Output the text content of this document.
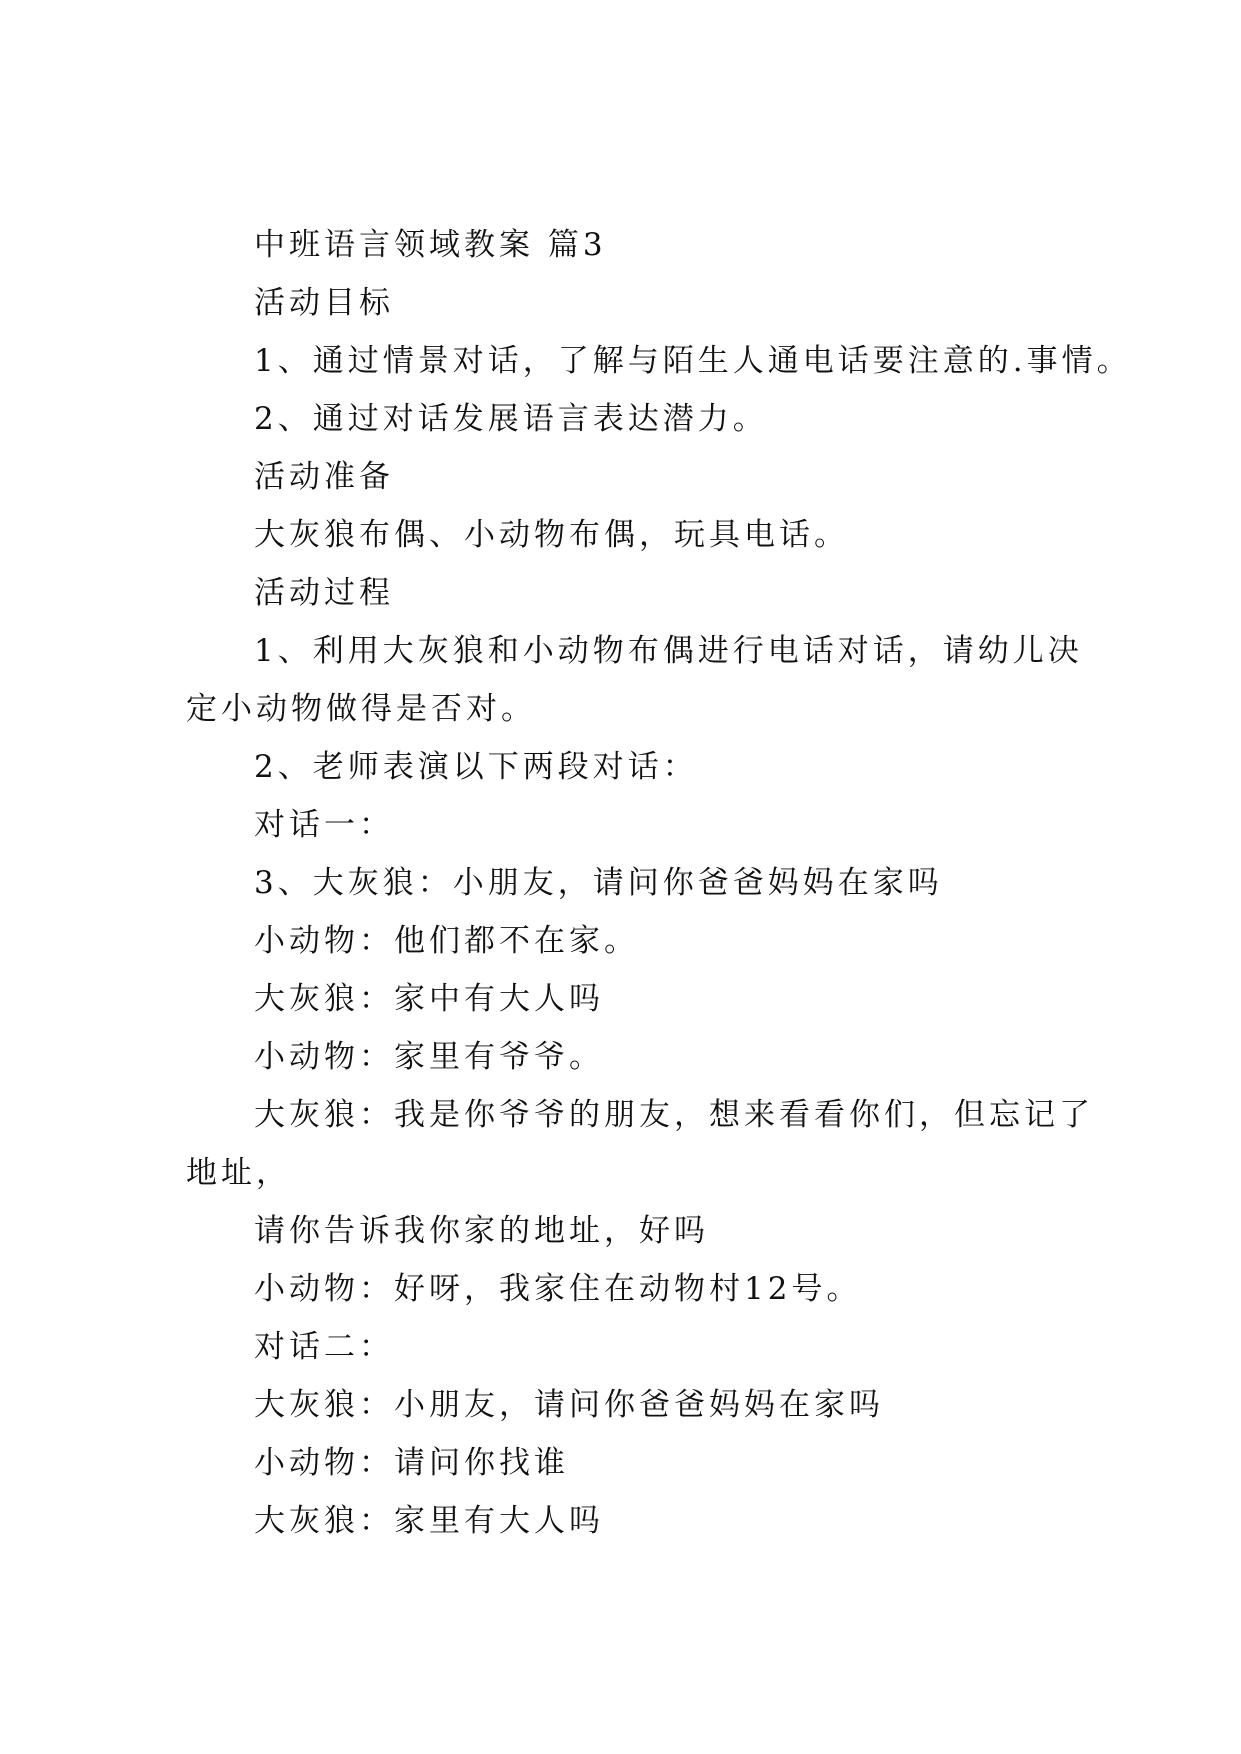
中班语言领域教案 篇3
活动目标
1、通过情景对话，了解与陌生人通电话要注意的.事情。
2、通过对话发展语言表达潜力。
活动准备
大灰狼布偶、小动物布偶，玩具电话。
活动过程
1、利用大灰狼和小动物布偶进行电话对话，请幼儿决
定小动物做得是否对。
2、老师表演以下两段对话：
对话一：
3、大灰狼：小朋友，请问你爸爸妈妈在家吗
小动物：他们都不在家。
大灰狼：家中有大人吗
小动物：家里有爷爷。
大灰狼：我是你爷爷的朋友，想来看看你们，但忘记了
地址，
请你告诉我你家的地址，好吗
小动物：好呀，我家住在动物村12号。
对话二：
大灰狼：小朋友，请问你爸爸妈妈在家吗
小动物：请问你找谁
大灰狼：家里有大人吗
